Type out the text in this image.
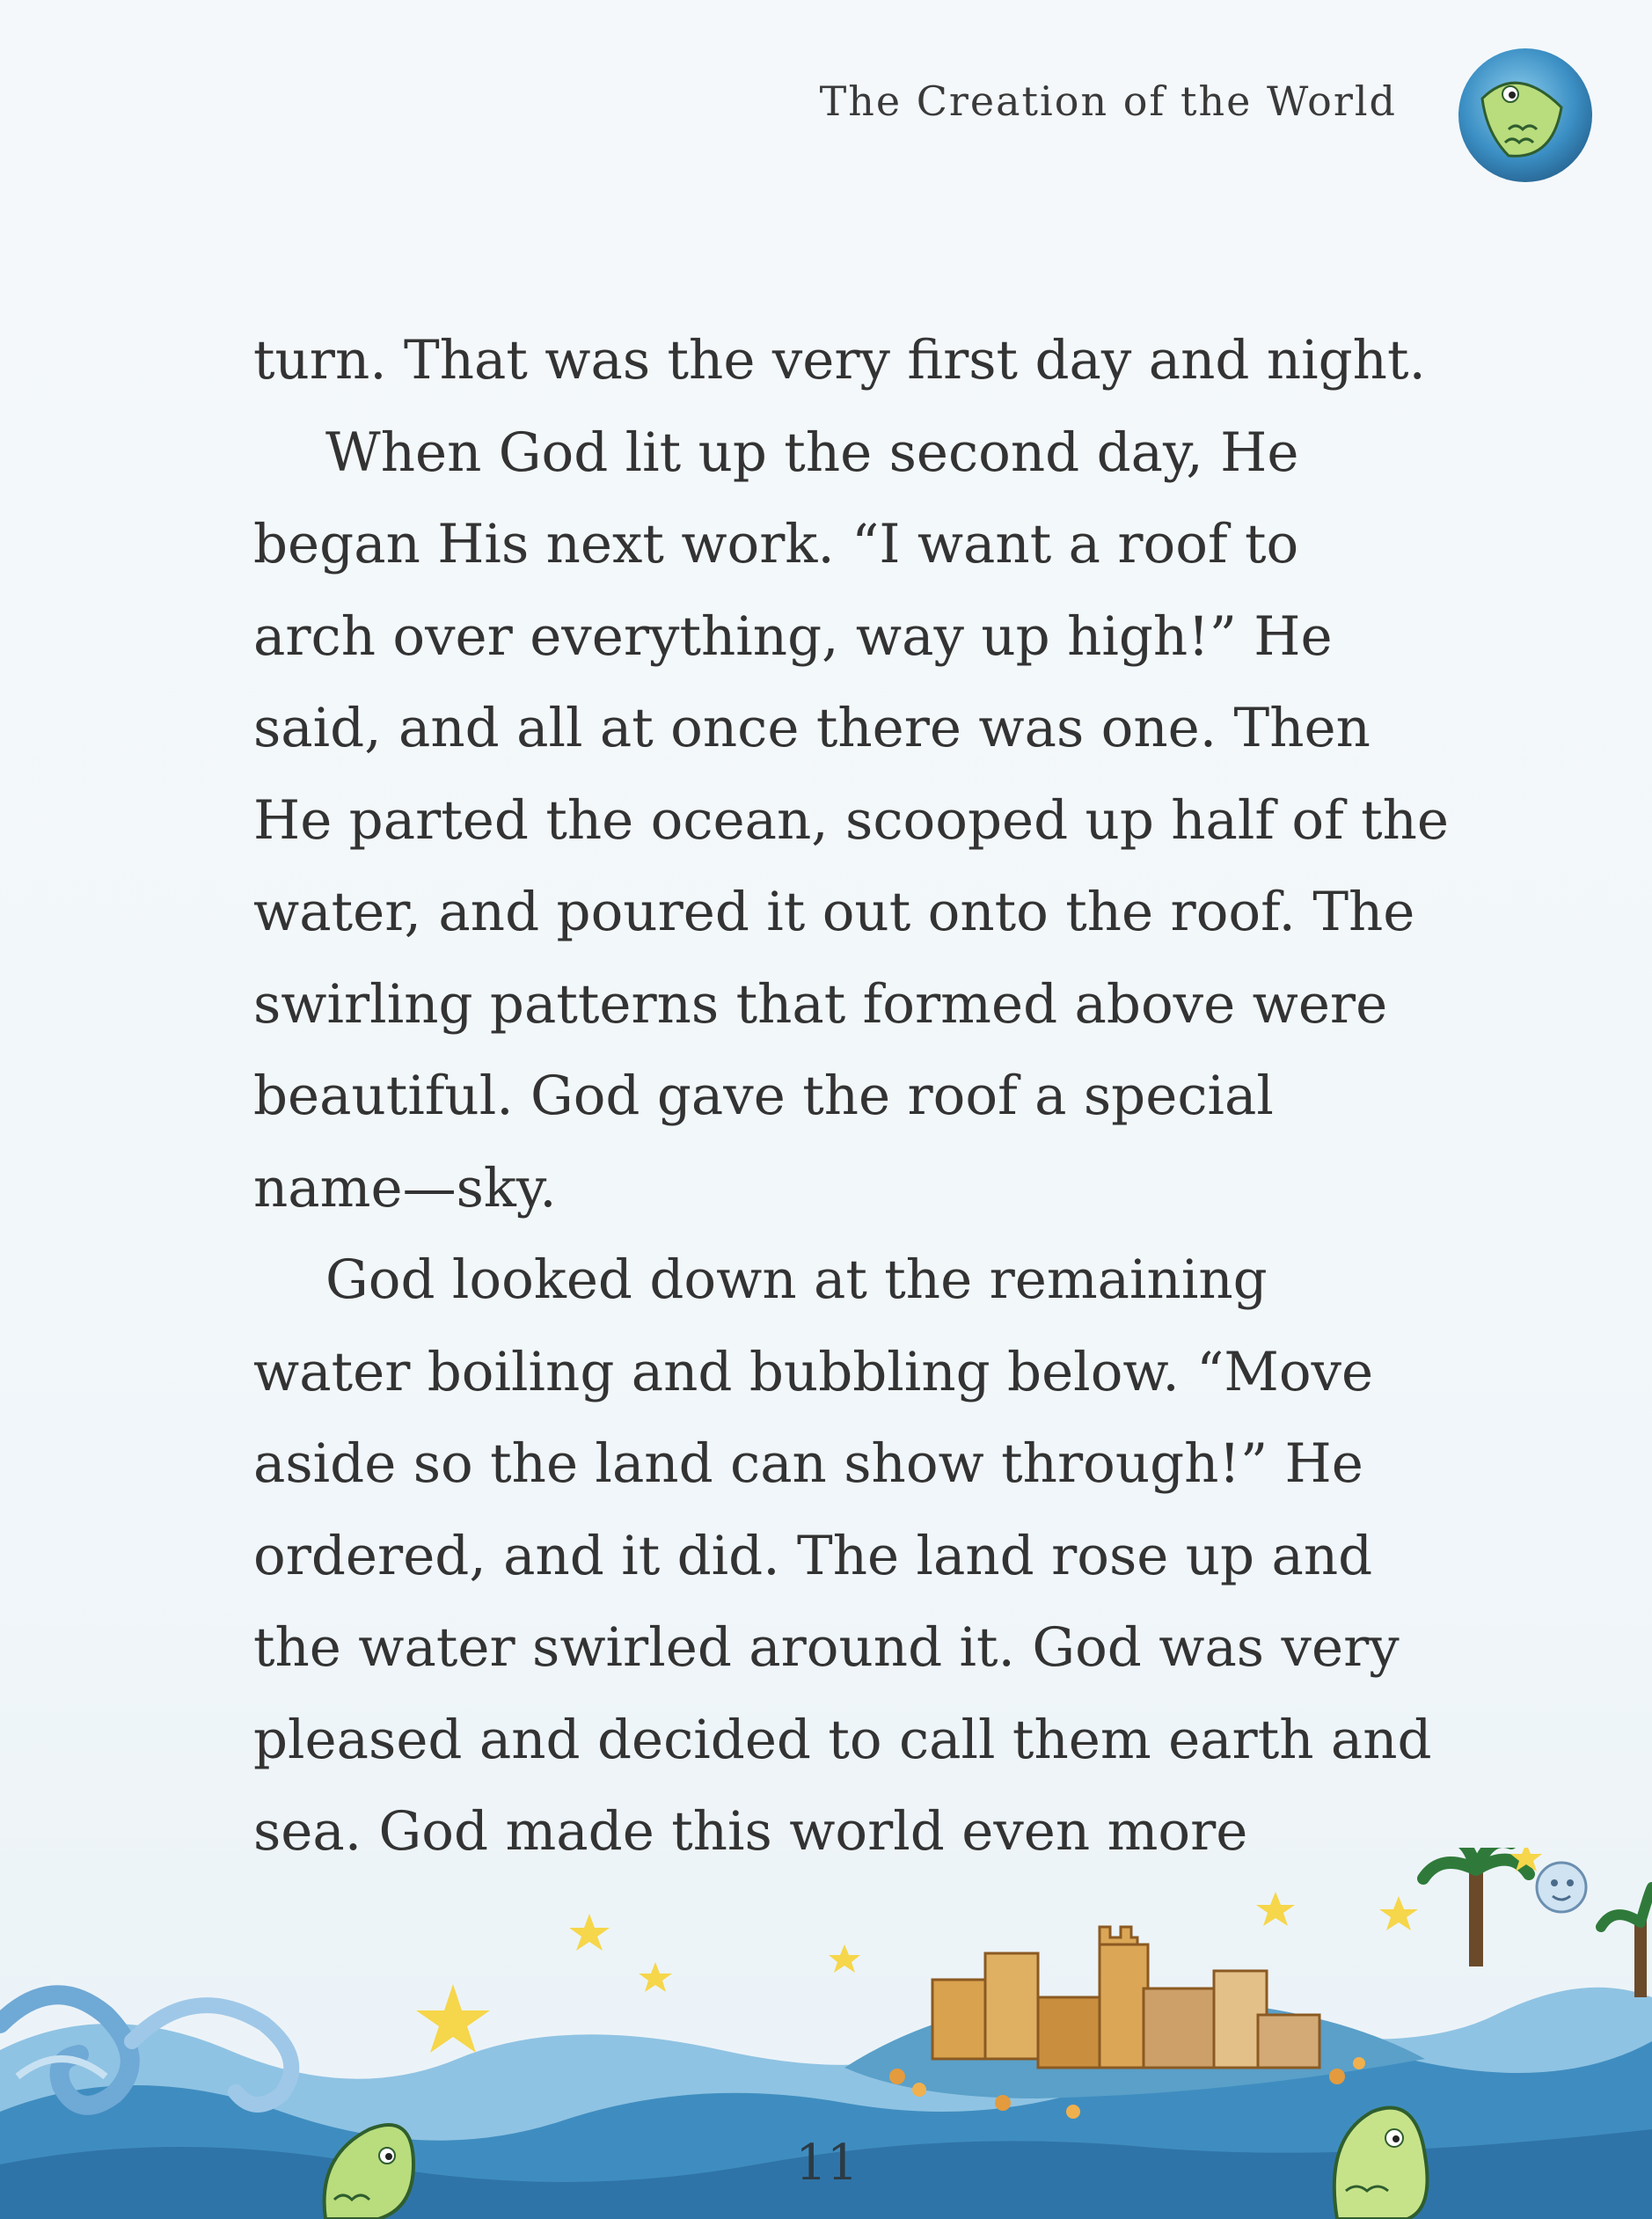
The Creation of the World
turn. That was the very first day and night.
When God lit up the second day, He
began His next work. “I want a roof to
arch over everything, way up high!” He
said, and all at once there was one. Then
He parted the ocean, scooped up half of the
water, and poured it out onto the roof. The
swirling patterns that formed above were
beautiful. God gave the roof a special
name—sky.
God looked down at the remaining
water boiling and bubbling below. “Move
aside so the land can show through!” He
ordered, and it did. The land rose up and
the water swirled around it. God was very
pleased and decided to call them earth and
sea. God made this world even more
11
